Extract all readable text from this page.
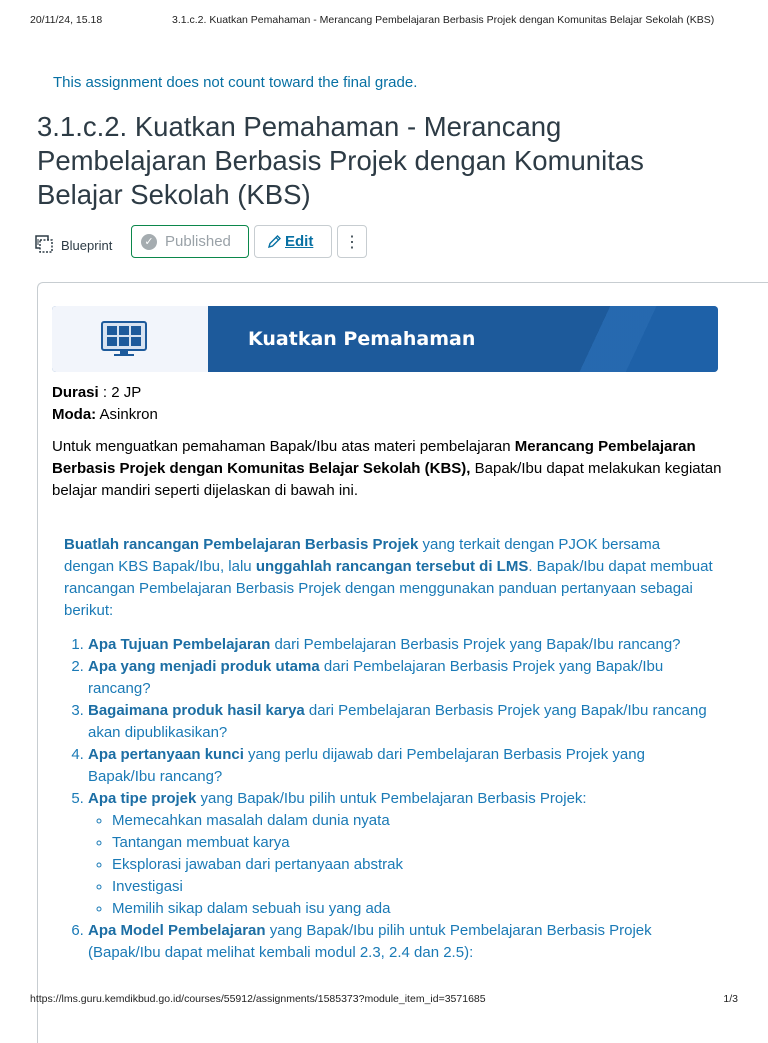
20/11/24, 15.18	3.1.c.2. Kuatkan Pemahaman - Merancang Pembelajaran Berbasis Projek dengan Komunitas Belajar Sekolah (KBS)
This assignment does not count toward the final grade.
3.1.c.2. Kuatkan Pemahaman - Merancang Pembelajaran Berbasis Projek dengan Komunitas Belajar Sekolah (KBS)
Blueprint	✓ Published	Edit ⋮
Kuatkan Pemahaman
Durasi : 2 JP
Moda: Asinkron

Untuk menguatkan pemahaman Bapak/Ibu atas materi pembelajaran Merancang Pembelajaran Berbasis Projek dengan Komunitas Belajar Sekolah (KBS), Bapak/Ibu dapat melakukan kegiatan belajar mandiri seperti dijelaskan di bawah ini.

Buatlah rancangan Pembelajaran Berbasis Projek yang terkait dengan PJOK bersama dengan KBS Bapak/Ibu, lalu unggahlah rancangan tersebut di LMS. Bapak/Ibu dapat membuat rancangan Pembelajaran Berbasis Projek dengan menggunakan panduan pertanyaan sebagai berikut:

1. Apa Tujuan Pembelajaran dari Pembelajaran Berbasis Projek yang Bapak/Ibu rancang?
2. Apa yang menjadi produk utama dari Pembelajaran Berbasis Projek yang Bapak/Ibu rancang?
3. Bagaimana produk hasil karya dari Pembelajaran Berbasis Projek yang Bapak/Ibu rancang akan dipublikasikan?
4. Apa pertanyaan kunci yang perlu dijawab dari Pembelajaran Berbasis Projek yang Bapak/Ibu rancang?
5. Apa tipe projek yang Bapak/Ibu pilih untuk Pembelajaran Berbasis Projek:
◦ Memecahkan masalah dalam dunia nyata
◦ Tantangan membuat karya
◦ Eksplorasi jawaban dari pertanyaan abstrak
◦ Investigasi
◦ Memilih sikap dalam sebuah isu yang ada
6. Apa Model Pembelajaran yang Bapak/Ibu pilih untuk Pembelajaran Berbasis Projek (Bapak/Ibu dapat melihat kembali modul 2.3, 2.4 dan 2.5):
https://lms.guru.kemdikbud.go.id/courses/55912/assignments/1585373?module_item_id=3571685	1/3
